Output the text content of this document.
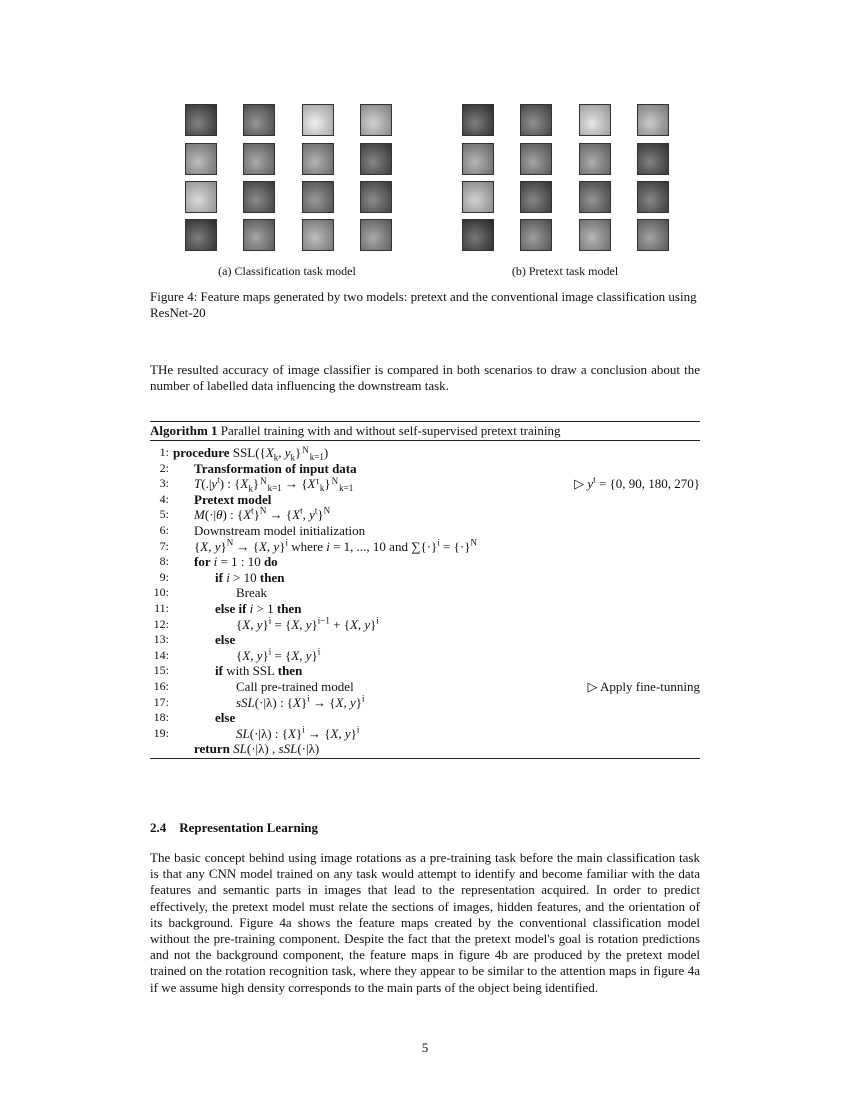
(a) Classification task model	(b) Pretext task model
Figure 4: Feature maps generated by two models: pretext and the conventional image classification using ResNet-20
THe resulted accuracy of image classifier is compared in both scenarios to draw a conclusion about the number of labelled data influencing the downstream task.
Algorithm 1 Parallel training with and without self-supervised pretext training
1: procedure $SSL(\{X_k$, $y_k\}Nk=1$)
2: Transformation of input data
3: $T(.|y^t)$ : $\{X_k\}Nk=1 \to \{Xtk\}Nk=1$	▷ $y^t = \{0$, 90, 180, 270}
4: Pretext model
5: M(·|θ) : $\{X^t\}^N \to \{X^t$, $y^t\}^N$
6: Downstream model initialization
7: {X, y}$^N$ → {X, y}$^i$ where i = 1, ..., 10 and $\sum\{\cdot\}^i = \{\cdot\}^N$
8: for i = 1 : 10 do
9:	if i > 10 then
10:	Break
11:	else if i > 1 then
12:	{X, y}$^i$ = {X, y}$^{i-1}$ + {X, y}$^i$
13:	else
14:	{X, y}$^i$ = {X, y}$^i$
15:	if with SSL then
16:	Call pre-trained model	▷ Apply fine-tunning
17:	sSL(·|λ) : $\{X\}^i \to \{X$, y}$^i$
18:	else
19:	SL(·|λ) : $\{X\}^i \to \{X$, y}$^i$
return SL(·|λ) , sSL(·|λ)
2.4 Representation Learning
The basic concept behind using image rotations as a pre-training task before the main classification task is that any CNN model trained on any task would attempt to identify and become familiar with the data features and semantic parts in images that lead to the representation acquired. In order to predict effectively, the pretext model must relate the sections of images, hidden features, and the orientation of its background. Figure 4a shows the feature maps created by the conventional classification model without the pre-training component. Despite the fact that the pretext model's goal is rotation predictions and not the background component, the feature maps in figure 4b are produced by the pretext model trained on the rotation recognition task, where they appear to be similar to the attention maps in figure 4a if we assume high density corresponds to the main parts of the object being identified.
5
